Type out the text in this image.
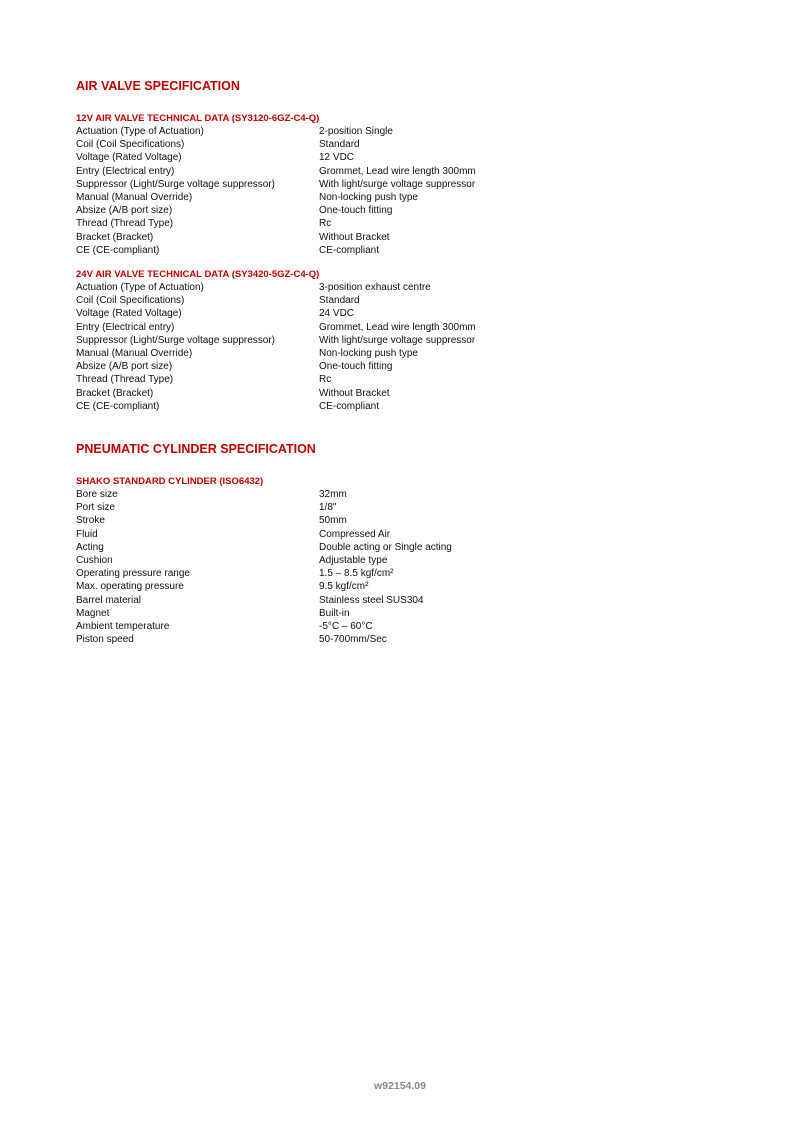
AIR VALVE SPECIFICATION
12V AIR VALVE TECHNICAL DATA (SY3120-6GZ-C4-Q)
Actuation (Type of Actuation)	2-position Single
Coil (Coil Specifications)	Standard
Voltage (Rated Voltage)	12 VDC
Entry (Electrical entry)	Grommet, Lead wire length 300mm
Suppressor (Light/Surge voltage suppressor)	With light/surge voltage suppressor
Manual (Manual Override)	Non-locking push type
Absize (A/B port size)	One-touch fitting
Thread (Thread Type)	Rc
Bracket (Bracket)	Without Bracket
CE (CE-compliant)	CE-compliant
24V AIR VALVE TECHNICAL DATA (SY3420-5GZ-C4-Q)
Actuation (Type of Actuation)	3-position exhaust centre
Coil (Coil Specifications)	Standard
Voltage (Rated Voltage)	24 VDC
Entry (Electrical entry)	Grommet, Lead wire length 300mm
Suppressor (Light/Surge voltage suppressor)	With light/surge voltage suppressor
Manual (Manual Override)	Non-locking push type
Absize (A/B port size)	One-touch fitting
Thread (Thread Type)	Rc
Bracket (Bracket)	Without Bracket
CE (CE-compliant)	CE-compliant
PNEUMATIC CYLINDER SPECIFICATION
SHAKO STANDARD CYLINDER (ISO6432)
Bore size	32mm
Port size	1/8"
Stroke	50mm
Fluid	Compressed Air
Acting	Double acting or Single acting
Cushion	Adjustable type
Operating pressure range	1.5 – 8.5 kgf/cm²
Max. operating pressure	9.5 kgf/cm²
Barrel material	Stainless steel SUS304
Magnet	Built-in
Ambient temperature	-5°C – 60°C
Piston speed	50-700mm/Sec
w92154.09
